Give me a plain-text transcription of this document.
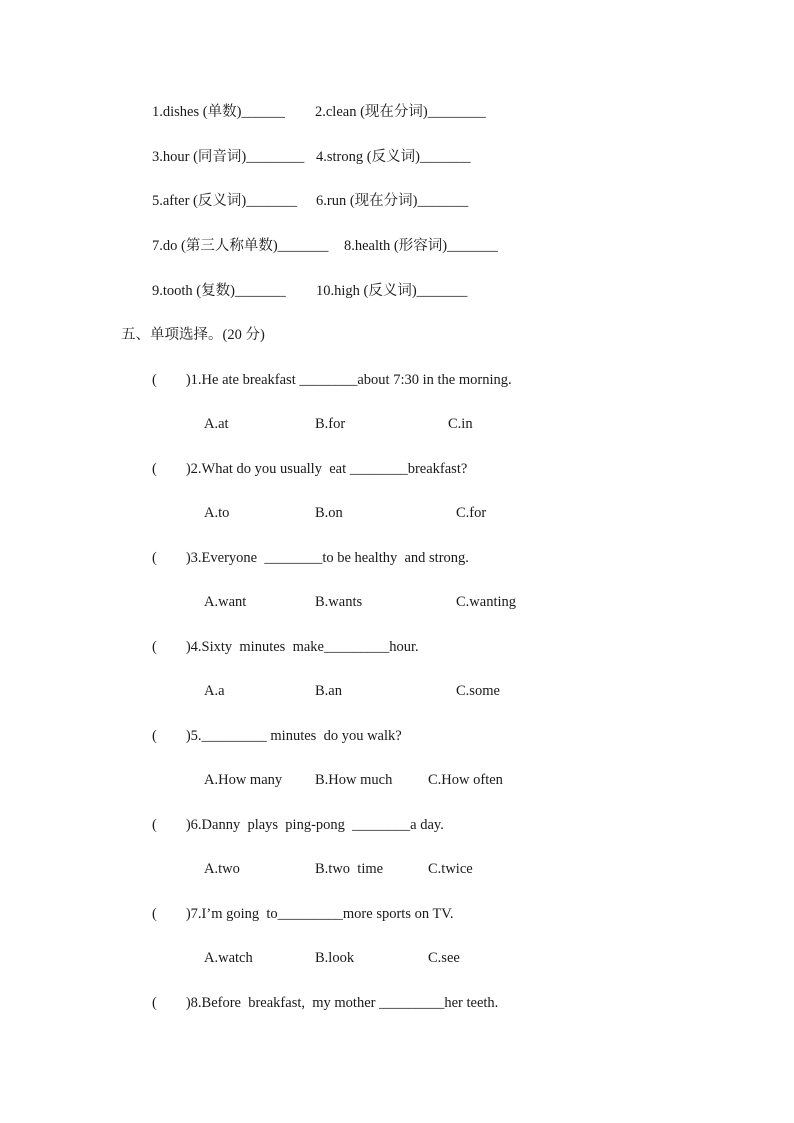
1.dishes (单数)______ 2.clean (现在分词)________
3.hour (同音词)________ 4.strong (反义词)_______
5.after (反义词)_______ 6.run (现在分词)_______
7.do (第三人称单数)_______ 8.health (形容词)_______
9.tooth (复数)_______ 10.high (反义词)_______
五、单项选择。(20 分)
(        )1.He ate breakfast ________about 7:30 in the morning.
A.at	B.for	C.in
(        )2.What do you usually  eat ________breakfast?
A.to	B.on	C.for
(        )3.Everyone  ________to be healthy  and strong.
A.want	B.wants	C.wanting
(        )4.Sixty  minutes  make_________hour.
A.a	B.an	C.some
(        )5._________ minutes  do you walk?
A.How many B.How much C.How often
(        )6.Danny  plays  ping-pong  ________a day.
A.two	B.two  time	C.twice
(        )7.I’m going  to_________more sports on TV.
A.watch	B.look	C.see
(        )8.Before  breakfast,  my mother _________her teeth.
